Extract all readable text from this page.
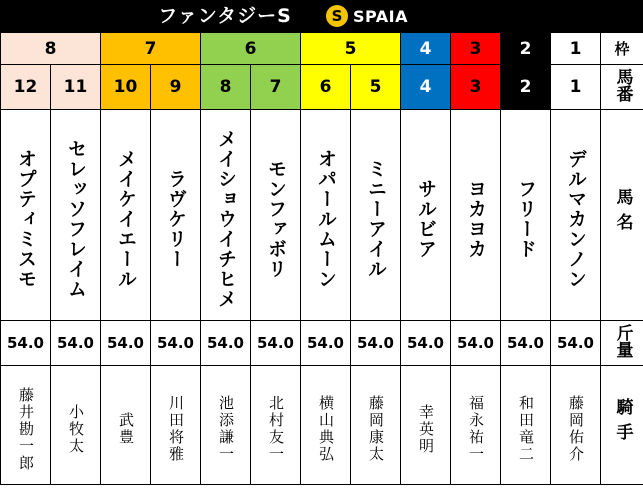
ファンタジーS	S SPAIA
8		7		6		5		4	3	2	1	枠
12	11	10	9	8	7	6	5	4	3	2	1	馬番

オプティミスモ	セレッソフレイム	メイケイエール	ラヴケリー	メイショウイチヒメ	モンファボリ	オパールムーン	ミニーアイル	サルビア	ヨカヨカ	フリード	デルマカンノン	馬名
54.0	54.0	54.0	54.0	54.0	54.0	54.0	54.0	54.0	54.0	54.0	54.0	斤量

藤井勘一郎	小牧太	武豊	川田将雅	池添謙一	北村友一	横山典弘	藤岡康太	幸英明	福永祐一	和田竜二	藤岡佑介	騎手
